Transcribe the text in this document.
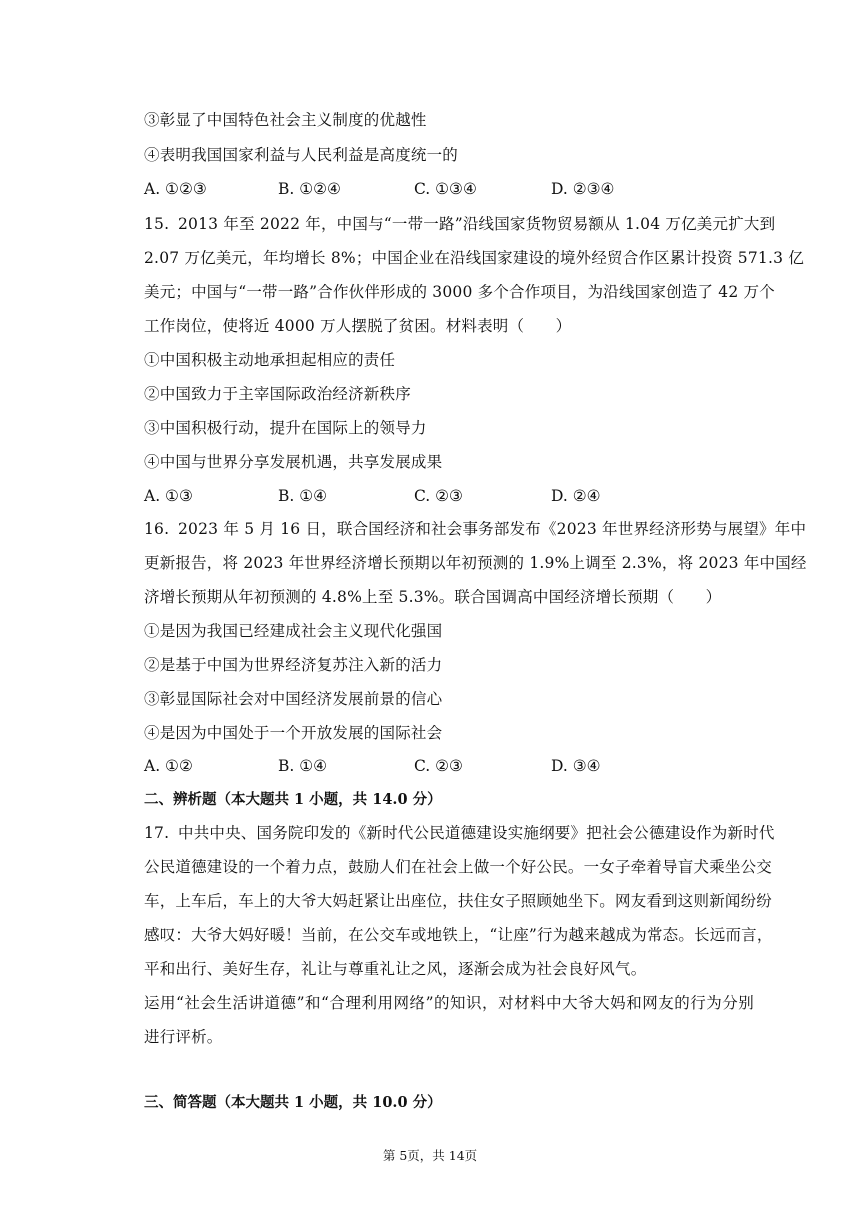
③彰显了中国特色社会主义制度的优越性
④表明我国国家利益与人民利益是高度统一的
A. ①②③	B. ①②④	C. ①③④	D. ②③④
15. 2013 年至 2022 年，中国与“一带一路”沿线国家货物贸易额从 1.04 万亿美元扩大到
2.07 万亿美元，年均增长 8%；中国企业在沿线国家建设的境外经贸合作区累计投资 571.3 亿
美元；中国与“一带一路”合作伙伴形成的 3000 多个合作项目，为沿线国家创造了 42 万个
工作岗位，使将近 4000 万人摆脱了贫困。材料表明（　　）
①中国积极主动地承担起相应的责任
②中国致力于主宰国际政治经济新秩序
③中国积极行动，提升在国际上的领导力
④中国与世界分享发展机遇，共享发展成果
A. ①③	B. ①④	C. ②③	D. ②④
16. 2023 年 5 月 16 日，联合国经济和社会事务部发布《2023 年世界经济形势与展望》年中
更新报告，将 2023 年世界经济增长预期以年初预测的 1.9%上调至 2.3%，将 2023 年中国经
济增长预期从年初预测的 4.8%上至 5.3%。联合国调高中国经济增长预期（　　）
①是因为我国已经建成社会主义现代化强国
②是基于中国为世界经济复苏注入新的活力
③彰显国际社会对中国经济发展前景的信心
④是因为中国处于一个开放发展的国际社会
A. ①②	B. ①④	C. ②③	D. ③④
二、辨析题（本大题共 1 小题，共 14.0 分）
17. 中共中央、国务院印发的《新时代公民道德建设实施纲要》把社会公德建设作为新时代
公民道德建设的一个着力点，鼓励人们在社会上做一个好公民。一女子牵着导盲犬乘坐公交
车，上车后，车上的大爷大妈赶紧让出座位，扶住女子照顾她坐下。网友看到这则新闻纷纷
感叹：大爷大妈好暖！当前，在公交车或地铁上，“让座”行为越来越成为常态。长远而言，
平和出行、美好生存，礼让与尊重礼让之风，逐渐会成为社会良好风气。
运用“社会生活讲道德”和“合理利用网络”的知识，对材料中大爷大妈和网友的行为分别
进行评析。
三、简答题（本大题共 1 小题，共 10.0 分）
第 5页，共 14页
